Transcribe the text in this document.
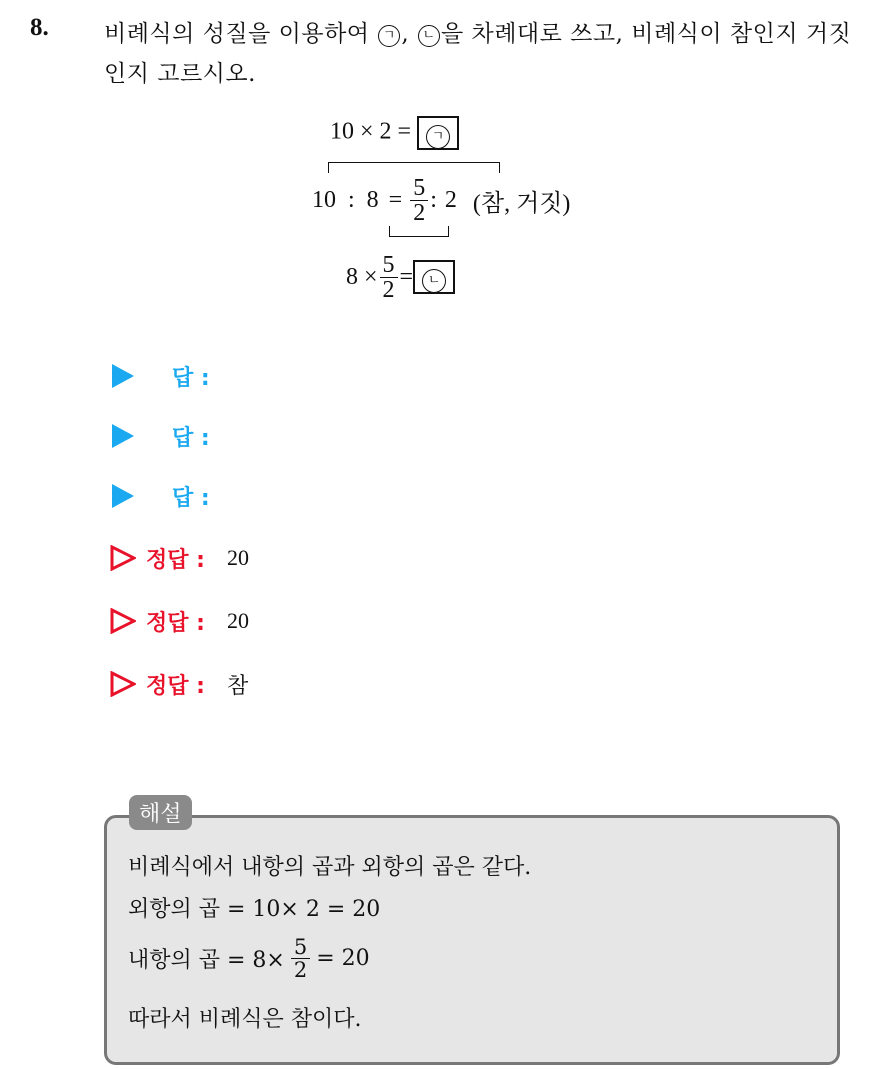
8. 비례식의 성질을 이용하여 ㄱ , ㄴ 을 차례대로 쓰고, 비례식이 참인지 거짓인지 고르시오.
10 × 2 = ㄱ
10 : $8 = \frac{5}{2}$ : 2 (참, 거짓)
$8 \times \frac{5}{2}$ =	ㄴ
답 :
답 :
답 :
정답 : 20
정답 : 20
정답 : 참
해설
비례식에서 내항의 곱과 외항의 곱은 같다.
외항의 곱 = 10× 2 = 20
내항의 곱 = $8\times \frac{5}{2} = 20$
따라서 비례식은 참이다.
